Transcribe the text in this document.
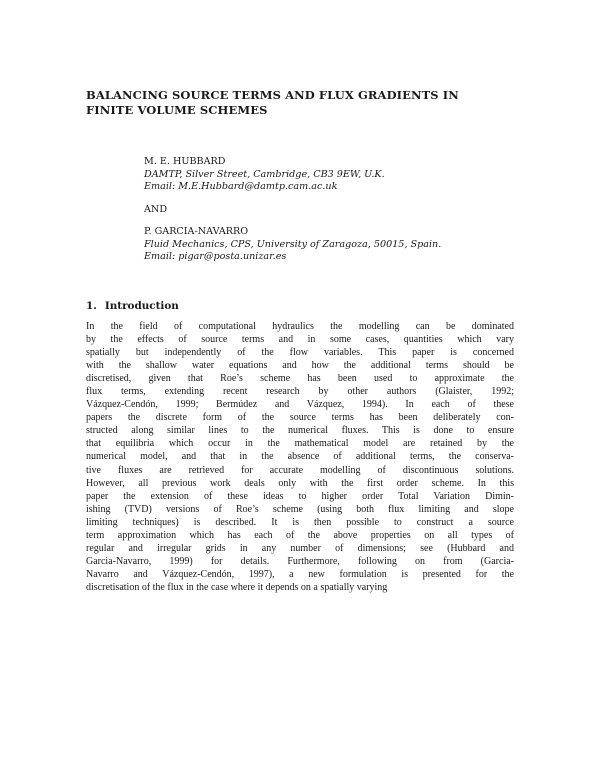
BALANCING SOURCE TERMS AND FLUX GRADIENTS IN
FINITE VOLUME SCHEMES
M. E. HUBBARD
DAMTP, Silver Street, Cambridge, CB3 9EW, U.K.
Email: M.E.Hubbard@damtp.cam.ac.uk
AND
P. GARCIA-NAVARRO
Fluid Mechanics, CPS, University of Zaragoza, 50015, Spain.
Email: pigar@posta.unizar.es
1. Introduction
In the field of computational hydraulics the modelling can be dominated
by the effects of source terms and in some cases, quantities which vary
spatially but independently of the flow variables. This paper is concerned
with the shallow water equations and how the additional terms should be
discretised, given that Roe’s scheme has been used to approximate the
flux terms, extending recent research by other authors (Glaister, 1992;
Vázquez-Cendón, 1999; Bermúdez and Vázquez, 1994). In each of these
papers the discrete form of the source terms has been deliberately con-
structed along similar lines to the numerical fluxes. This is done to ensure
that equilibria which occur in the mathematical model are retained by the
numerical model, and that in the absence of additional terms, the conserva-
tive fluxes are retrieved for accurate modelling of discontinuous solutions.
However, all previous work deals only with the first order scheme. In this
paper the extension of these ideas to higher order Total Variation Dimin-
ishing (TVD) versions of Roe’s scheme (using both flux limiting and slope
limiting techniques) is described. It is then possible to construct a source
term approximation which has each of the above properties on all types of
regular and irregular grids in any number of dimensions; see (Hubbard and
Garcia-Navarro, 1999) for details. Furthermore, following on from (Garcia-
Navarro and Vázquez-Cendón, 1997), a new formulation is presented for the
discretisation of the flux in the case where it depends on a spatially varying
